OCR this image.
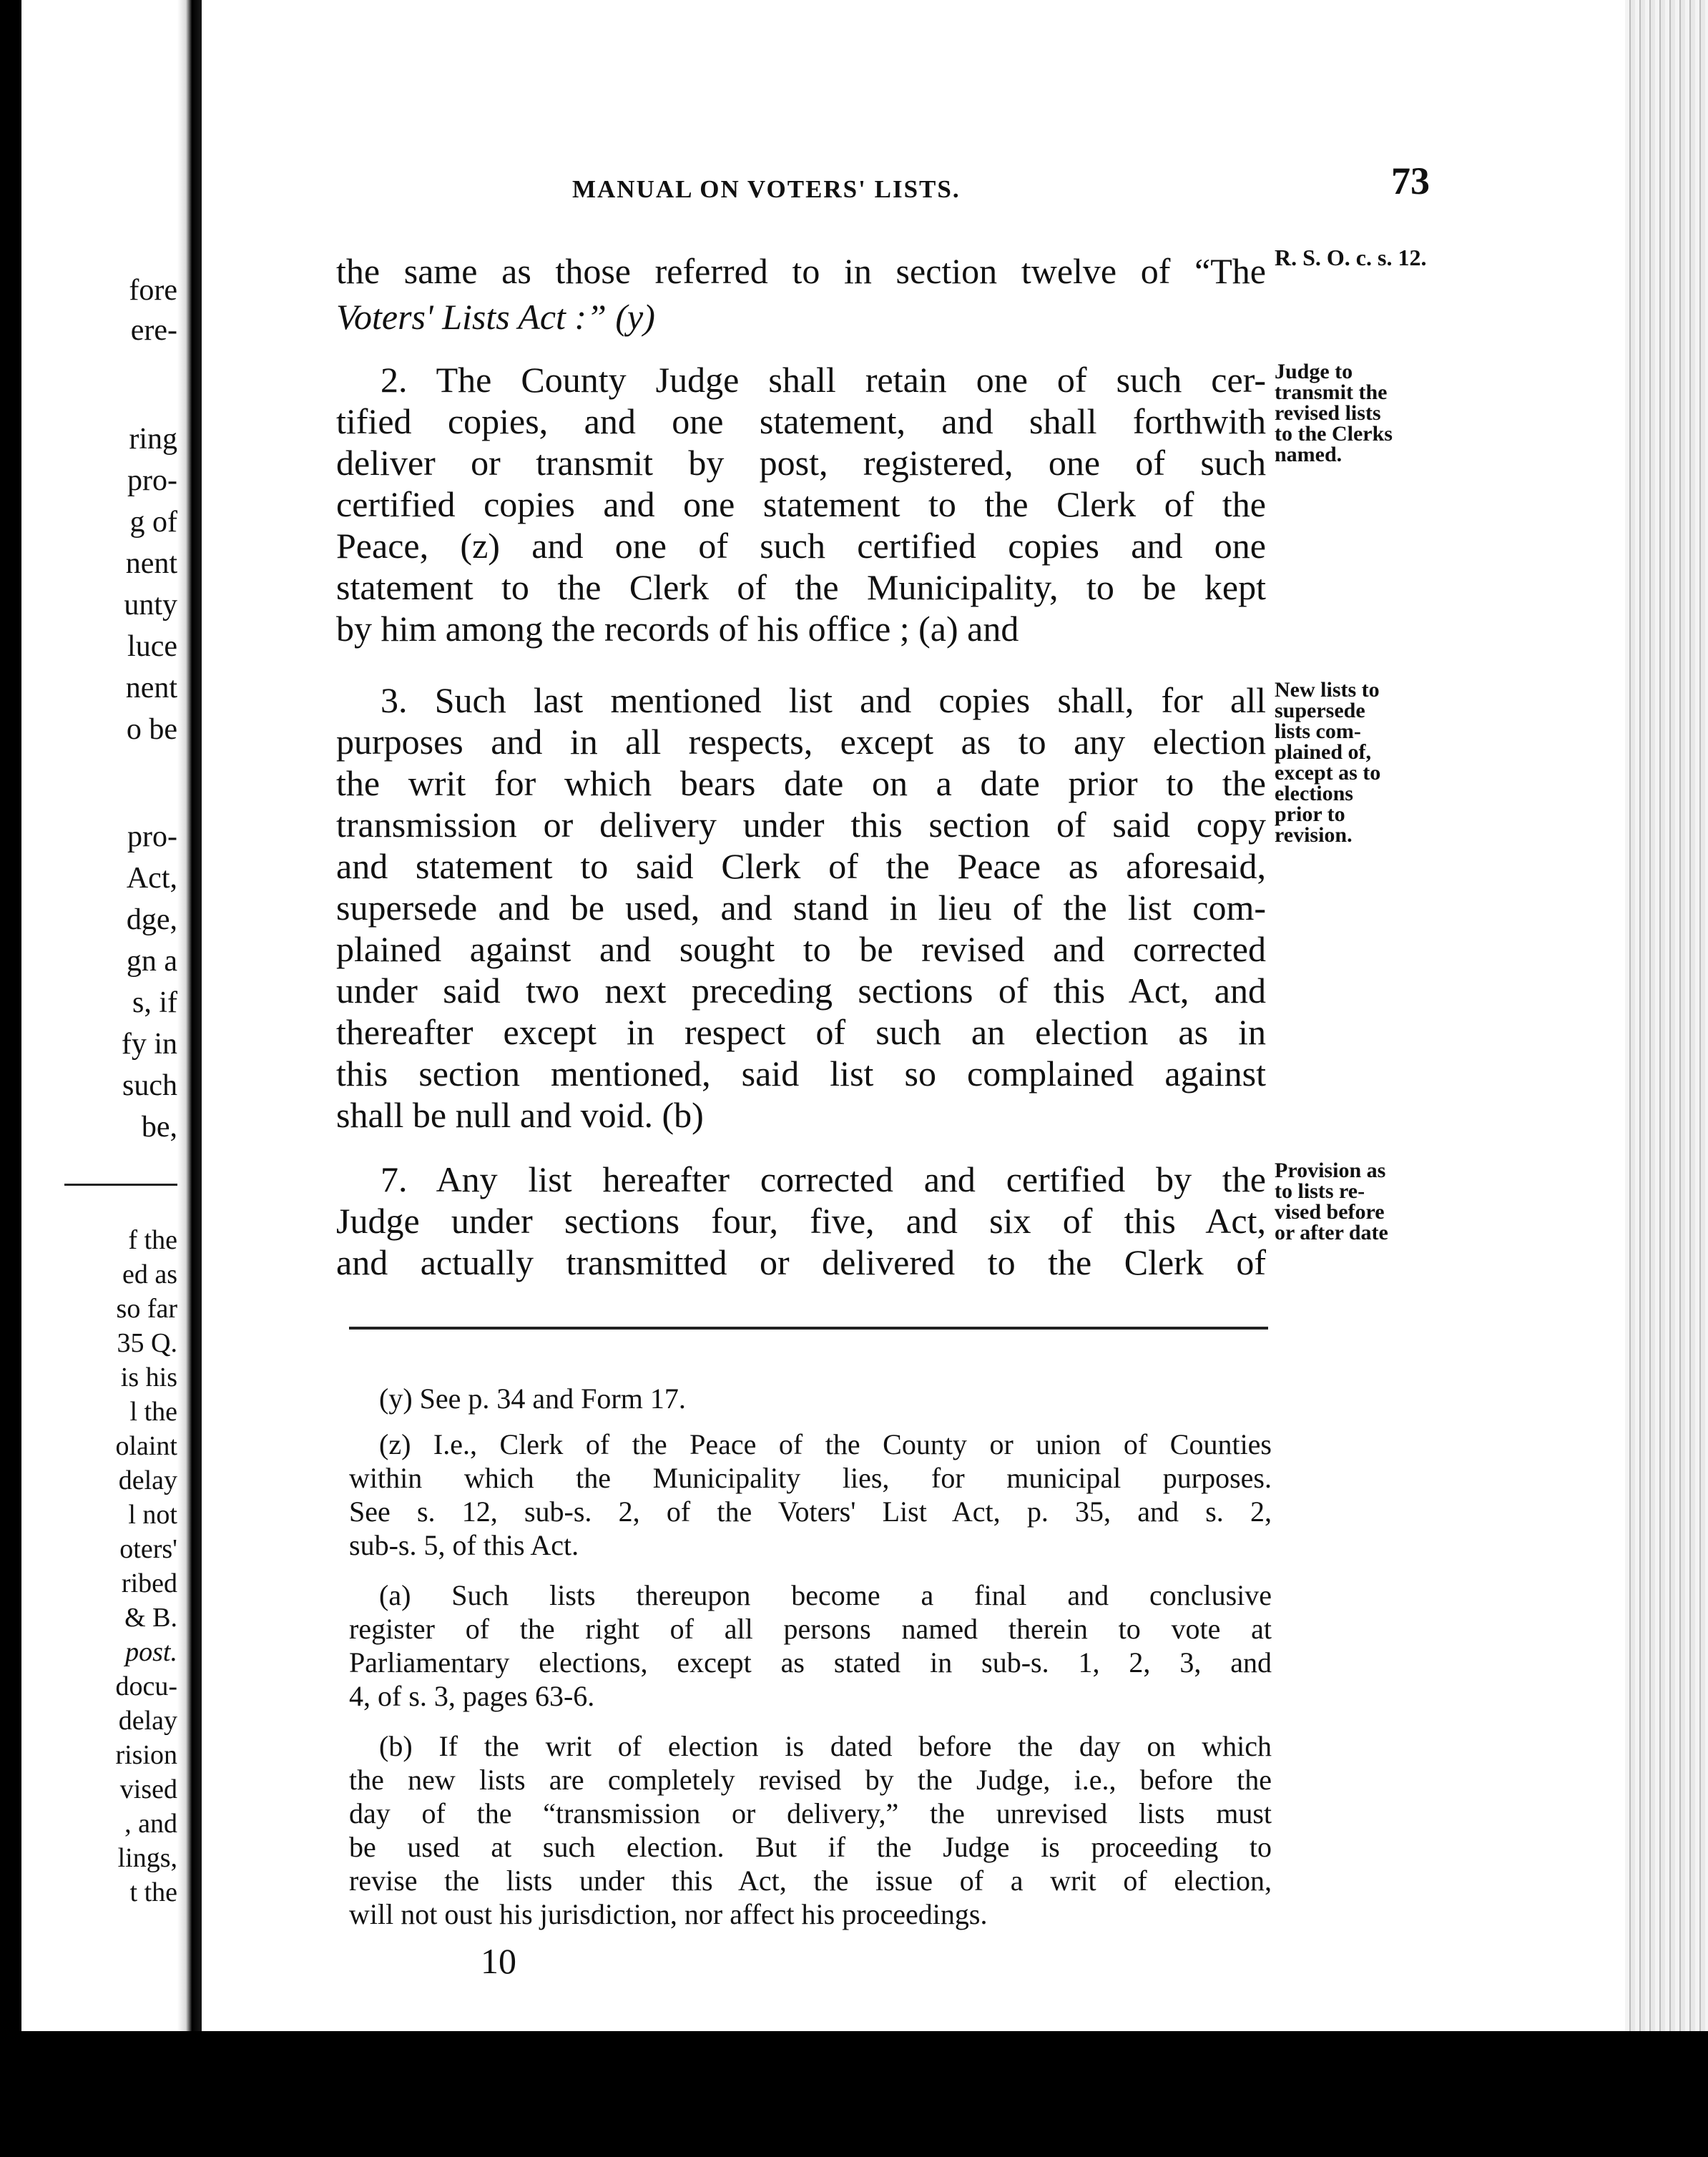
fore
ere-
ring
pro-
g of
nent
unty
luce
nent
o be
pro-
Act,
dge,
gn a
s, if
fy in
such
be,
f the
ed as
so far
35 Q.
is his
l the
olaint
delay
l not
oters'
ribed
& B.
post.
docu-
delay
rision
vised
, and
lings,
t the
MANUAL ON VOTERS' LISTS.	73
the same as those referred to in section twelve of “The
Voters' Lists Act :” (y)
2. The County Judge shall retain one of such cer-
tified copies, and one statement, and shall forthwith
deliver or transmit by post, registered, one of such
certified copies and one statement to the Clerk of the
Peace, (z) and one of such certified copies and one
statement to the Clerk of the Municipality, to be kept
by him among the records of his office ; (a) and
3. Such last mentioned list and copies shall, for all
purposes and in all respects, except as to any election
the writ for which bears date on a date prior to the
transmission or delivery under this section of said copy
and statement to said Clerk of the Peace as aforesaid,
supersede and be used, and stand in lieu of the list com-
plained against and sought to be revised and corrected
under said two next preceding sections of this Act, and
thereafter except in respect of such an election as in
this section mentioned, said list so complained against
shall be null and void. (b)
7. Any list hereafter corrected and certified by the
Judge under sections four, five, and six of this Act,
and actually transmitted or delivered to the Clerk of
R. S. O. c. s. 12.
Judge to
transmit the
revised lists
to the Clerks
named.
New lists to
supersede
lists com-
plained of,
except as to
elections
prior to
revision.
Provision as
to lists re-
vised before
or after date
(y) See p. 34 and Form 17.
(z) I.e., Clerk of the Peace of the County or union of Counties
within which the Municipality lies, for municipal purposes.
See s. 12, sub-s. 2, of the Voters' List Act, p. 35, and s. 2,
sub-s. 5, of this Act.
(a) Such lists thereupon become a final and conclusive
register of the right of all persons named therein to vote at
Parliamentary elections, except as stated in sub-s. 1, 2, 3, and
4, of s. 3, pages 63-6.
(b) If the writ of election is dated before the day on which
the new lists are completely revised by the Judge, i.e., before the
day of the “transmission or delivery,” the unrevised lists must
be used at such election. But if the Judge is proceeding to
revise the lists under this Act, the issue of a writ of election,
will not oust his jurisdiction, nor affect his proceedings.
10
